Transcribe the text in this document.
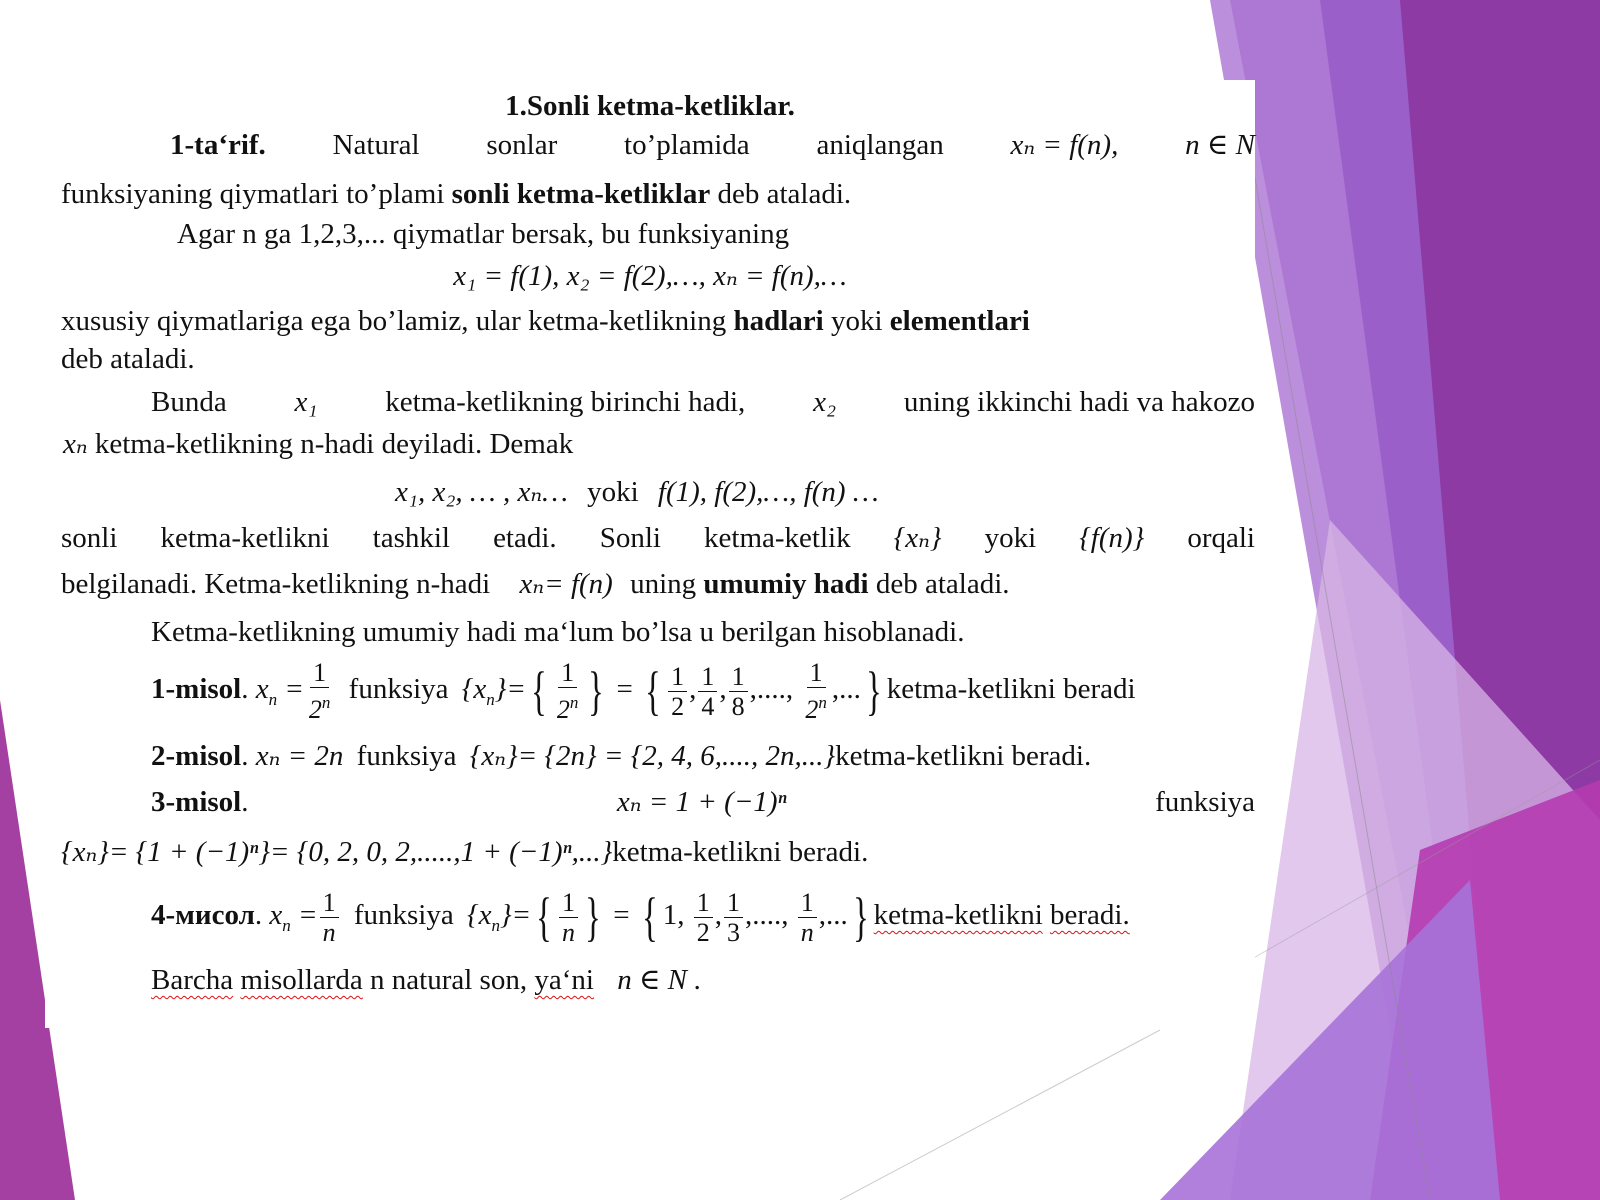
1.Sonli ketma-ketliklar.
1-ta‘rif. Natural sonlar to’plamida aniqlangan xₙ = f(n), n ∈ N
funksiyaning qiymatlari to’plami sonli ketma-ketliklar deb ataladi.
Agar n ga 1,2,3,... qiymatlar bersak, bu funksiyaning
x₁ = f(1), x₂ = f(2),…, xₙ = f(n),…
xususiy qiymatlariga ega bo’lamiz, ular ketma-ketlikning hadlari yoki elementlari
deb ataladi.
Bunda x₁ ketma-ketlikning birinchi hadi, x₂ uning ikkinchi hadi va hakozo
xₙ ketma-ketlikning n-hadi deyiladi. Demak
x₁, x₂, … , xₙ… yoki f(1), f(2),…, f(n) …
sonli ketma-ketlikni tashkil etadi. Sonli ketma-ketlik {xₙ} yoki {f(n)} orqali
belgilanadi. Ketma-ketlikning n-hadi xₙ= f(n) uning umumiy hadi deb ataladi.
Ketma-ketlikning umumiy hadi ma‘lum bo’lsa u berilgan hisoblanadi.
1-misol. $x_n = \frac{1}{2^n}$ funksiya $\{x_n\}=\{ \frac{1}{2^n}$ } = { $\frac{1}{2}$ , $\frac{1}{4}$ , $\frac{1}{8}$ ,...., $\frac{1}{2^n}$ ,...} ketma-ketlikni beradi
2-misol. xₙ = 2n funksiya {xₙ}= {2n} = {2, 4, 6,...., 2n,...}ketma-ketlikni beradi.
3-misol.	xₙ = 1 + (−1)ⁿ	funksiya
{xₙ}= {1 + (−1)ⁿ}= {0, 2, 0, 2,.....,1 + (−1)ⁿ,...}ketma-ketlikni beradi.
4-мисол. $x_n = \frac{1}{n}$ funksiya $\{x_n\}=\{ \frac{1}{n}$ } = { 1, $\frac{1}{2}$ , $\frac{1}{3}$ ,...., $\frac{1}{n}$ ,...} ketma-ketlikni beradi.
Barcha misollarda n natural son, ya‘ni n ∈ N .
